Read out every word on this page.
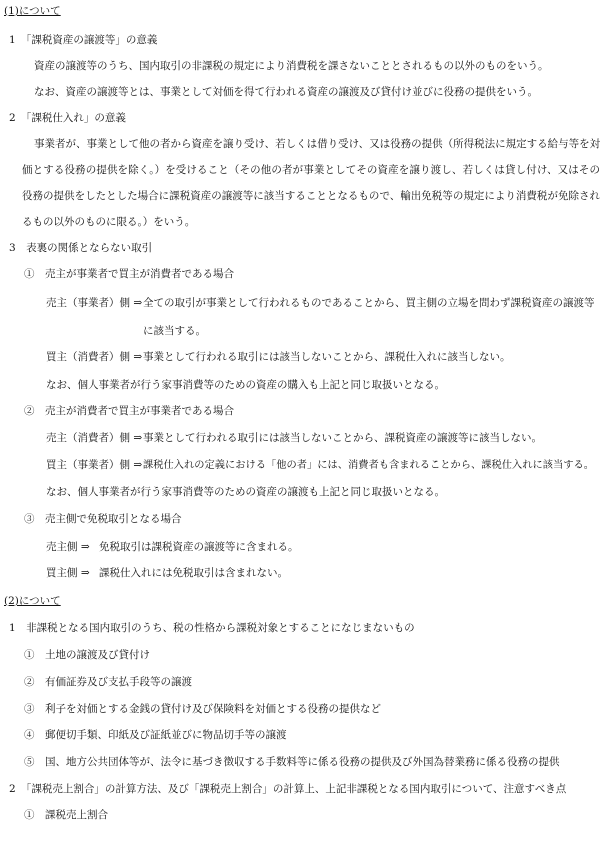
(1)について
1　「課税資産の譲渡等」の意義
資産の譲渡等のうち、国内取引の非課税の規定により消費税を課さないこととされるもの以外のものをいう。
なお、資産の譲渡等とは、事業として対価を得て行われる資産の譲渡及び貸付け並びに役務の提供をいう。
2　「課税仕入れ」の意義
事業者が、事業として他の者から資産を譲り受け、若しくは借り受け、又は役務の提供（所得税法に規定する給与等を対
価とする役務の提供を除く。）を受けること（その他の者が事業としてその資産を譲り渡し、若しくは貸し付け、又はその
役務の提供をしたとした場合に課税資産の譲渡等に該当することとなるもので、輸出免税等の規定により消費税が免除され
るもの以外のものに限る。）をいう。
3　表裏の関係とならない取引
①　売主が事業者で買主が消費者である場合
売主（事業者）側 ⇒ 全ての取引が事業として行われるものであることから、買主側の立場を問わず課税資産の譲渡等
に該当する。
買主（消費者）側 ⇒ 事業として行われる取引には該当しないことから、課税仕入れに該当しない。
なお、個人事業者が行う家事消費等のための資産の購入も上記と同じ取扱いとなる。
②　売主が消費者で買主が事業者である場合
売主（消費者）側 ⇒ 事業として行われる取引には該当しないことから、課税資産の譲渡等に該当しない。
買主（事業者）側 ⇒ 課税仕入れの定義における「他の者」には、消費者も含まれることから、課税仕入れに該当する。
なお、個人事業者が行う家事消費等のための資産の譲渡も上記と同じ取扱いとなる。
③　売主側で免税取引となる場合
売主側 ⇒ 免税取引は課税資産の譲渡等に含まれる。
買主側 ⇒ 課税仕入れには免税取引は含まれない。
(2)について
1　非課税となる国内取引のうち、税の性格から課税対象とすることになじまないもの
①　土地の譲渡及び貸付け
②　有価証券及び支払手段等の譲渡
③　利子を対価とする金銭の貸付け及び保険料を対価とする役務の提供など
④　郵便切手類、印紙及び証紙並びに物品切手等の譲渡
⑤　国、地方公共団体等が、法令に基づき徴収する手数料等に係る役務の提供及び外国為替業務に係る役務の提供
2　「課税売上割合」の計算方法、及び「課税売上割合」の計算上、上記非課税となる国内取引について、注意すべき点
①　課税売上割合
